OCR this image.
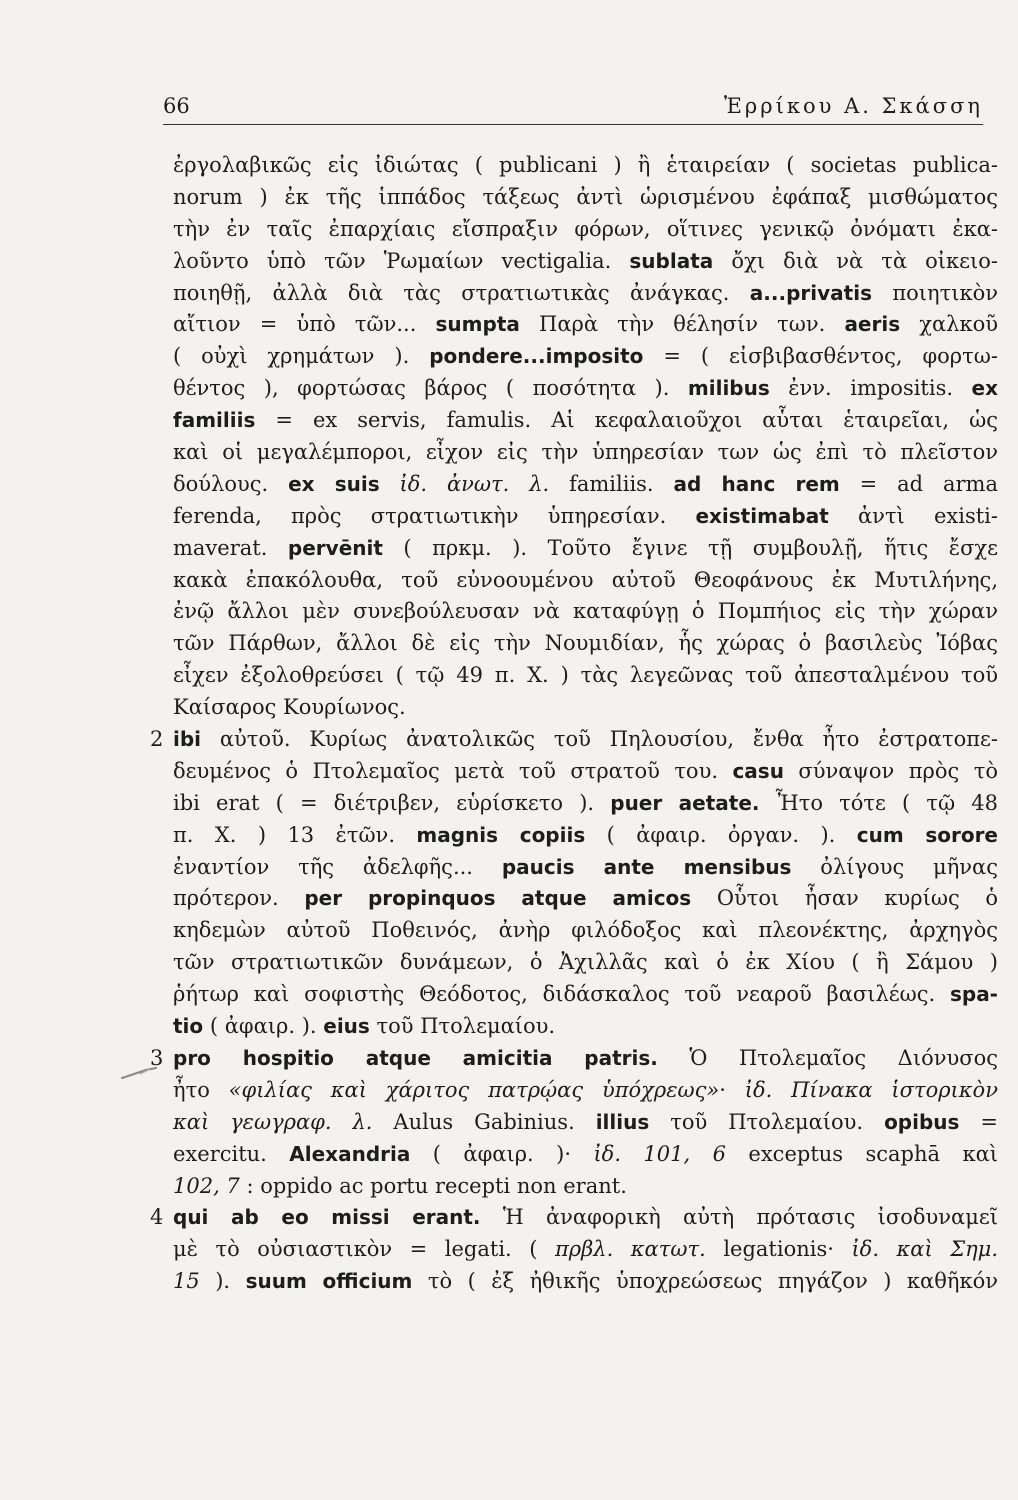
66	Ἐρρίκου Α. Σκάσση
ἐργολαβικῶς εἰς ἰδιώτας ( publicani ) ἢ ἑταιρείαν ( societas publica-
norum ) ἐκ τῆς ἱππάδος τάξεως ἀντὶ ὡρισμένου ἐφάπαξ μισθώματος
τὴν ἐν ταῖς ἐπαρχίαις εἴσπραξιν φόρων, οἵτινες γενικῷ ὀνόματι ἐκα-
λοῦντο ὑπὸ τῶν Ῥωμαίων vectigalia. sublata ὄχι διὰ νὰ τὰ οἰκειο-
ποιηθῇ, ἀλλὰ διὰ τὰς στρατιωτικὰς ἀνάγκας. a...privatis ποιητικὸν
αἴτιον = ὑπὸ τῶν... sumpta Παρὰ τὴν θέλησίν των. aeris χαλκοῦ
( οὐχὶ χρημάτων ). pondere...imposito = ( εἰσβιβασθέντος, φορτω-
θέντος ), φορτώσας βάρος ( ποσότητα ). milibus ἐνν. impositis. ex
familiis = ex servis, famulis. Αἱ κεφαλαιοῦχοι αὗται ἑταιρεῖαι, ὡς
καὶ οἱ μεγαλέμποροι, εἶχον εἰς τὴν ὑπηρεσίαν των ὡς ἐπὶ τὸ πλεῖστον
δούλους. ex suis ἰδ. ἀνωτ. λ. familiis. ad hanc rem = ad arma
ferenda, πρὸς στρατιωτικὴν ὑπηρεσίαν. existimabat ἀντὶ existi-
maverat. pervēnit ( πρκμ. ). Τοῦτο ἔγινε τῇ συμβουλῇ, ἥτις ἔσχε
κακὰ ἐπακόλουθα, τοῦ εὐνοουμένου αὐτοῦ Θεοφάνους ἐκ Μυτιλήνης,
ἐνῷ ἄλλοι μὲν συνεβούλευσαν νὰ καταφύγῃ ὁ Πομπήιος εἰς τὴν χώραν
τῶν Πάρθων, ἄλλοι δὲ εἰς τὴν Νουμιδίαν, ἧς χώρας ὁ βασιλεὺς Ἰόβας
εἶχεν ἐξολοθρεύσει ( τῷ 49 π. Χ. ) τὰς λεγεῶνας τοῦ ἀπεσταλμένου τοῦ
Καίσαρος Κουρίωνος.
2 ibi αὐτοῦ. Κυρίως ἀνατολικῶς τοῦ Πηλουσίου, ἔνθα ἦτο ἐστρατοπε-
δευμένος ὁ Πτολεμαῖος μετὰ τοῦ στρατοῦ του. casu σύναψον πρὸς τὸ
ibi erat ( = διέτριβεν, εὑρίσκετο ). puer aetate. Ἦτο τότε ( τῷ 48
π. Χ. ) 13 ἐτῶν. magnis copiis ( ἀφαιρ. ὀργαν. ). cum sorore
ἐναντίον τῆς ἀδελφῆς... paucis ante mensibus ὀλίγους μῆνας
πρότερον. per propinquos atque amicos Οὗτοι ἦσαν κυρίως ὁ
κηδεμὼν αὐτοῦ Ποθεινός, ἀνὴρ φιλόδοξος καὶ πλεονέκτης, ἀρχηγὸς
τῶν στρατιωτικῶν δυνάμεων, ὁ Ἀχιλλᾶς καὶ ὁ ἐκ Χίου ( ἢ Σάμου )
ῥήτωρ καὶ σοφιστὴς Θεόδοτος, διδάσκαλος τοῦ νεαροῦ βασιλέως. spa-
tio ( ἀφαιρ. ). eius τοῦ Πτολεμαίου.
3 pro hospitio atque amicitia patris. Ὁ Πτολεμαῖος Διόνυσος
ἦτο «φιλίας καὶ χάριτος πατρῴας ὑπόχρεως»· ἰδ. Πίνακα ἱστορικὸν
καὶ γεωγραφ. λ. Aulus Gabinius. illius τοῦ Πτολεμαίου. opibus =
exercitu. Alexandria ( ἀφαιρ. )· ἰδ. 101, 6 exceptus scaphā καὶ
102, 7 : oppido ac portu recepti non erant.
4 qui ab eo missi erant. Ἡ ἀναφορικὴ αὐτὴ πρότασις ἰσοδυναμεῖ
μὲ τὸ οὐσιαστικὸν = legati. ( πρβλ. κατωτ. legationis· ἰδ. καὶ Σημ.
15 ). suum officium τὸ ( ἐξ ἠθικῆς ὑποχρεώσεως πηγάζον ) καθῆκόν
